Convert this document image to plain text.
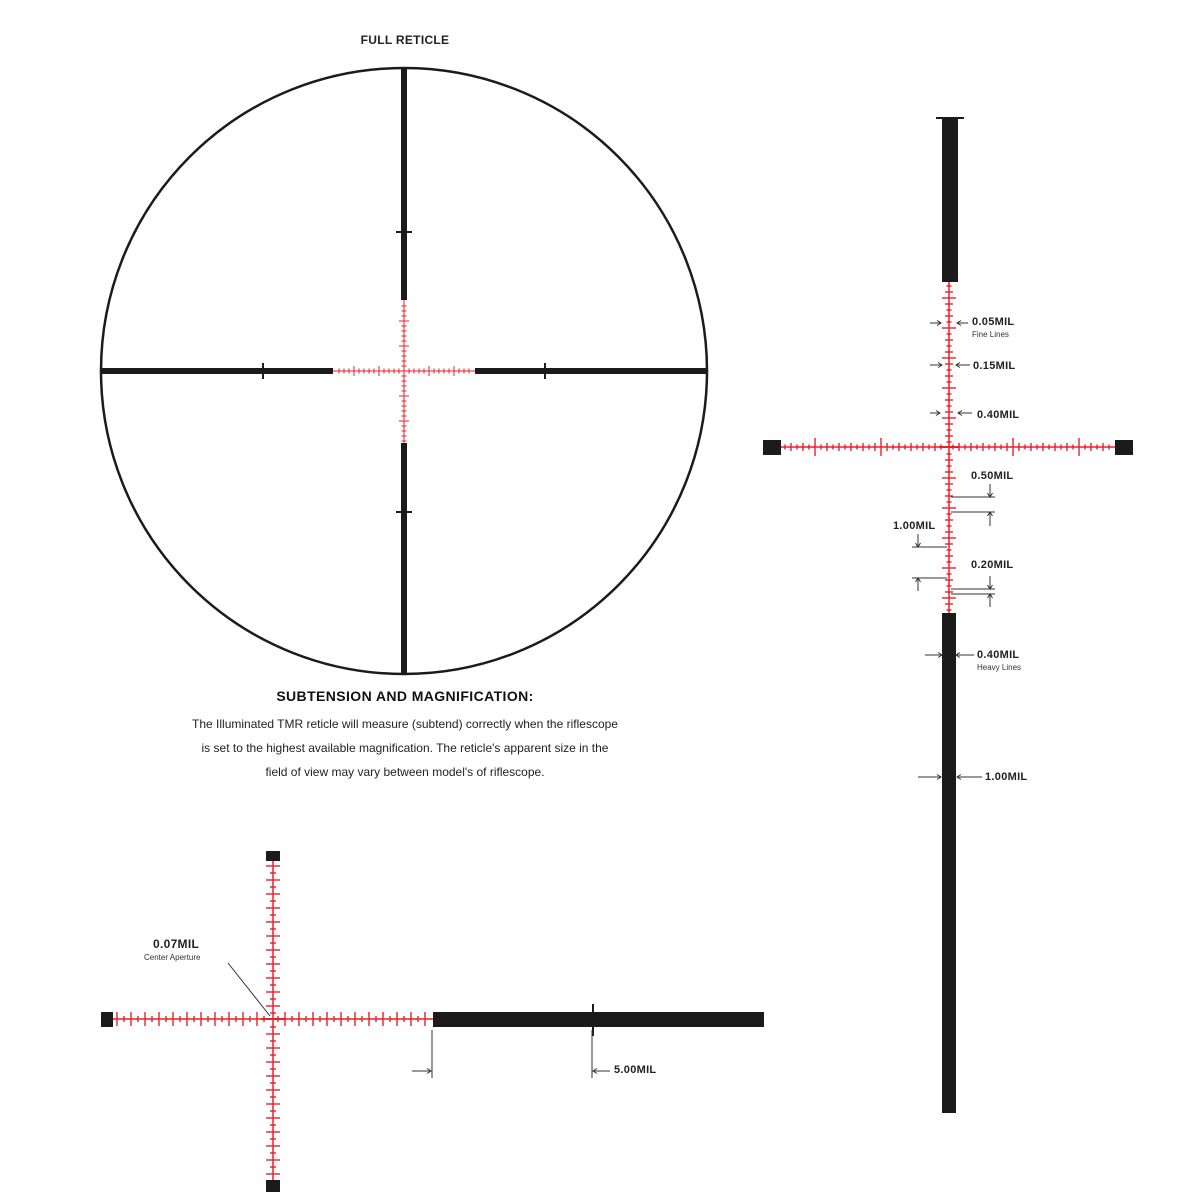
FULL RETICLE
SUBTENSION AND MAGNIFICATION:
The Illuminated TMR reticle will measure (subtend) correctly when the riflescope is set to the highest available magnification. The reticle's apparent size in the field of view may vary between model's of riflescope.
0.05MIL
Fine Lines
0.15MIL
0.40MIL
0.50MIL
1.00MIL
0.20MIL
0.40MIL
Heavy Lines
1.00MIL
0.07MIL
Center Aperture
5.00MIL
